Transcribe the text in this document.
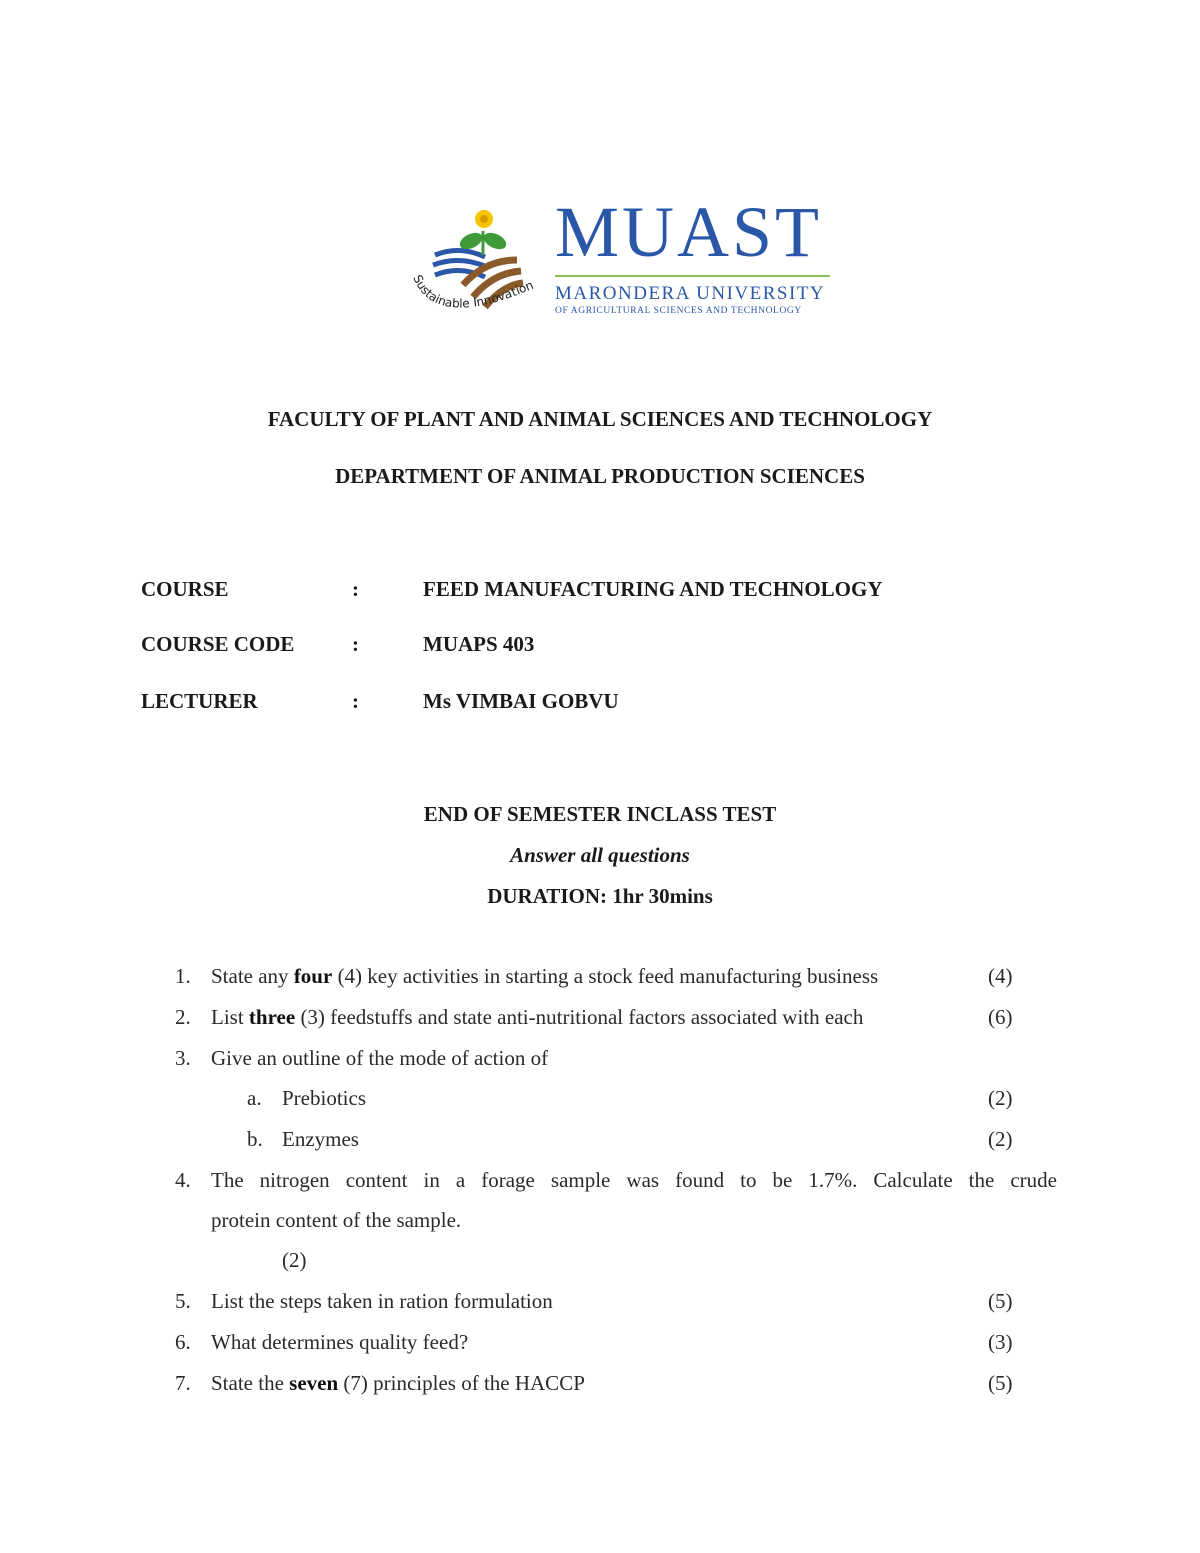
Sustainable Innovation
MUAST
MARONDERA UNIVERSITY
OF AGRICULTURAL SCIENCES AND TECHNOLOGY
FACULTY OF PLANT AND ANIMAL SCIENCES AND TECHNOLOGY
DEPARTMENT OF ANIMAL PRODUCTION SCIENCES
COURSE	:	FEED MANUFACTURING AND TECHNOLOGY
COURSE CODE	:	MUAPS 403
LECTURER	:	Ms VIMBAI GOBVU
END OF SEMESTER INCLASS TEST
Answer all questions
DURATION: 1hr 30mins
1. State any four (4) key activities in starting a stock feed manufacturing business	(4)
2. List three (3) feedstuffs and state anti-nutritional factors associated with each	(6)
3. Give an outline of the mode of action of
a. Prebiotics	(2)
b. Enzymes	(2)
4. The nitrogen content in a forage sample was found to be 1.7%. Calculate the crude
protein content of the sample.
(2)
5. List the steps taken in ration formulation	(5)
6. What determines quality feed?	(3)
7. State the seven (7) principles of the HACCP	(5)
